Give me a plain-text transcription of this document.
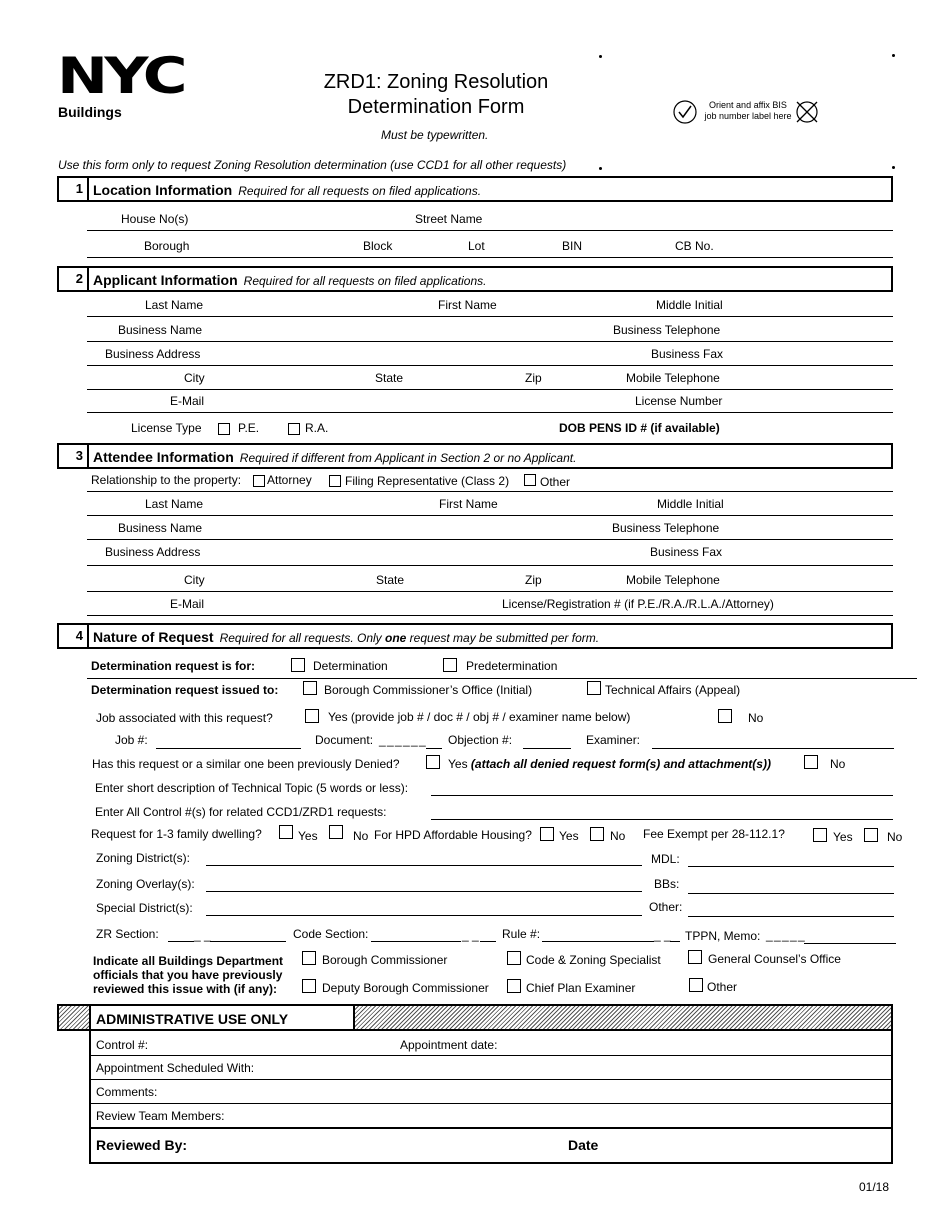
NYC
Buildings
ZRD1: Zoning Resolution
Determination Form
Must be typewritten.
Orient and affix BIS
job number label here
Use this form only to request Zoning Resolution determination (use CCD1 for all other requests)
1 Location Information Required for all requests on filed applications.
House No(s)	Street Name
Borough	Block	Lot	BIN	CB No.
2 Applicant Information Required for all requests on filed applications.
Last Name	First Name	Middle Initial
Business Name	Business Telephone
Business Address	Business Fax
City	State	Zip	Mobile Telephone
E-Mail	License Number
License Type	P.E.	R.A.	DOB PENS ID # (if available)
3 Attendee Information Required if different from Applicant in Section 2 or no Applicant.
Relationship to the property: Attorney	Filing Representative (Class 2)	Other
Last Name	First Name	Middle Initial
Business Name	Business Telephone
Business Address	Business Fax
City	State	Zip	Mobile Telephone
E-Mail	License/Registration # (if P.E./R.A./R.L.A./Attorney)
4 Nature of Request Required for all requests. Only one request may be submitted per form.
Determination request is for:	Determination	Predetermination
Determination request issued to:	Borough Commissioner’s Office (Initial)	Technical Affairs (Appeal)
Job associated with this request?	Yes (provide job # / doc # / obj # / examiner name below)	No
Job #:	Document: _ _ _ _ _ _ Objection #:	Examiner:
Has this request or a similar one been previously Denied?	Yes (attach all denied request form(s) and attachment(s))	No
Enter short description of Technical Topic (5 words or less):
Enter All Control #(s) for related CCD1/ZRD1 requests:
Request for 1-3 family dwelling?	Yes	No For HPD Affordable Housing? Yes	No Fee Exempt per 28-112.1?	Yes	No
Zoning District(s):	MDL:
Zoning Overlay(s):	BBs:
Special District(s):	Other:
ZR Section:	_ _	Code Section:	_ _ Rule #:	_ _ TPPN, Memo: _ _ _ _ _
Indicate all Buildings Department
officials that you have previously
reviewed this issue with (if any):
Borough Commissioner	Code & Zoning Specialist	General Counsel’s Office
Deputy Borough Commissioner	Chief Plan Examiner	Other
ADMINISTRATIVE USE ONLY
Control #:	Appointment date:
Appointment Scheduled With:
Comments:
Review Team Members:
Reviewed By:	Date
01/18
